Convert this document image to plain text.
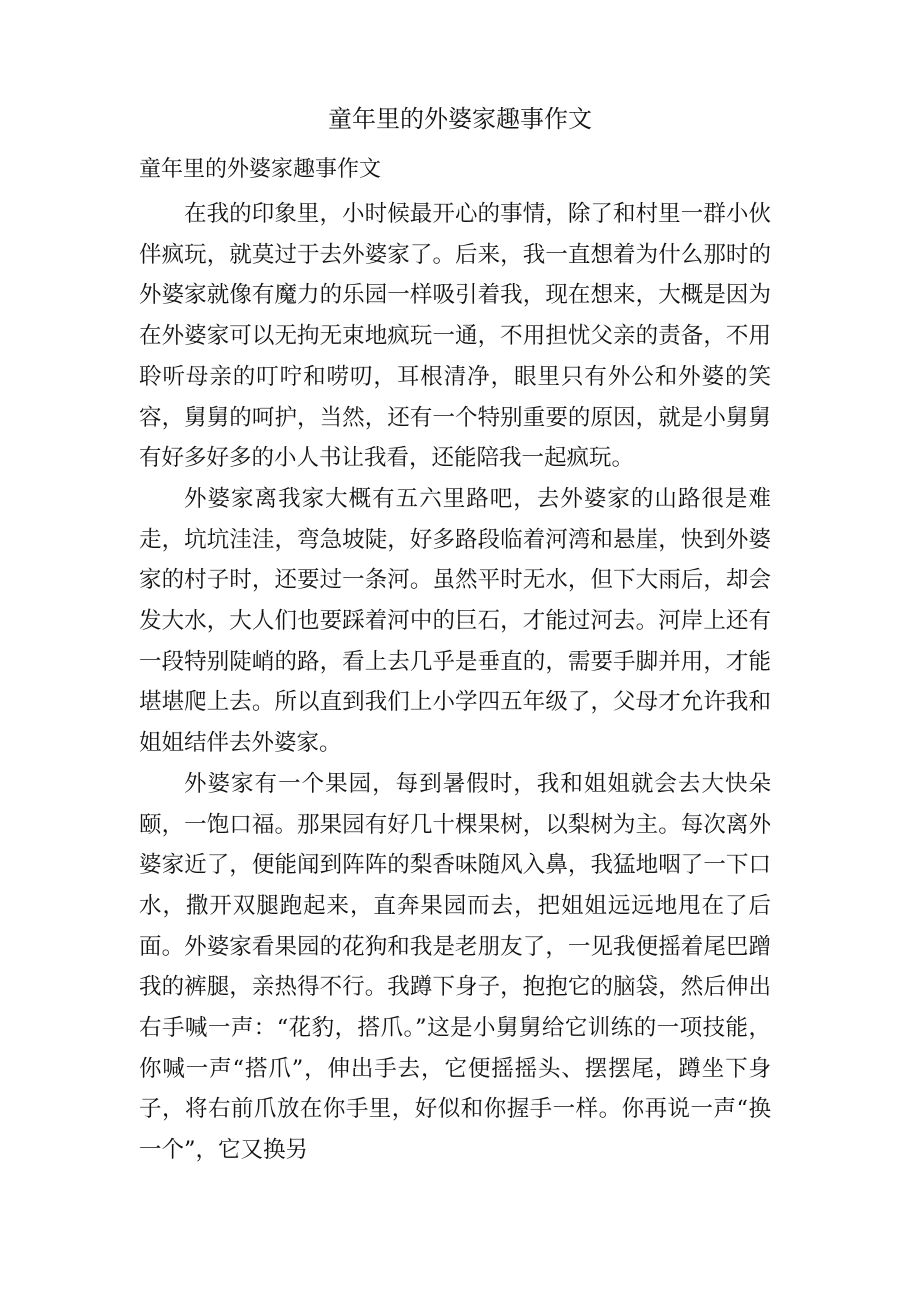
童年里的外婆家趣事作文
童年里的外婆家趣事作文

在我的印象里，小时候最开心的事情，除了和村里一群小伙伴疯玩，就莫过于去外婆家了。后来，我一直想着为什么那时的外婆家就像有魔力的乐园一样吸引着我，现在想来，大概是因为在外婆家可以无拘无束地疯玩一通，不用担忧父亲的责备，不用聆听母亲的叮咛和唠叨，耳根清净，眼里只有外公和外婆的笑容，舅舅的呵护，当然，还有一个特别重要的原因，就是小舅舅有好多好多的小人书让我看，还能陪我一起疯玩。

外婆家离我家大概有五六里路吧，去外婆家的山路很是难走，坑坑洼洼，弯急坡陡，好多路段临着河湾和悬崖，快到外婆家的村子时，还要过一条河。虽然平时无水，但下大雨后，却会发大水，大人们也要踩着河中的巨石，才能过河去。河岸上还有一段特别陡峭的路，看上去几乎是垂直的，需要手脚并用，才能堪堪爬上去。所以直到我们上小学四五年级了，父母才允许我和姐姐结伴去外婆家。

外婆家有一个果园，每到暑假时，我和姐姐就会去大快朵颐，一饱口福。那果园有好几十棵果树，以梨树为主。每次离外婆家近了，便能闻到阵阵的梨香味随风入鼻，我猛地咽了一下口水，撒开双腿跑起来，直奔果园而去，把姐姐远远地甩在了后面。外婆家看果园的花狗和我是老朋友了，一见我便摇着尾巴蹭我的裤腿，亲热得不行。我蹲下身子，抱抱它的脑袋，然后伸出右手喊一声：“花豹，搭爪。”这是小舅舅给它训练的一项技能，你喊一声“搭爪”，伸出手去，它便摇摇头、摆摆尾，蹲坐下身子，将右前爪放在你手里，好似和你握手一样。你再说一声“换一个”，它又换另
